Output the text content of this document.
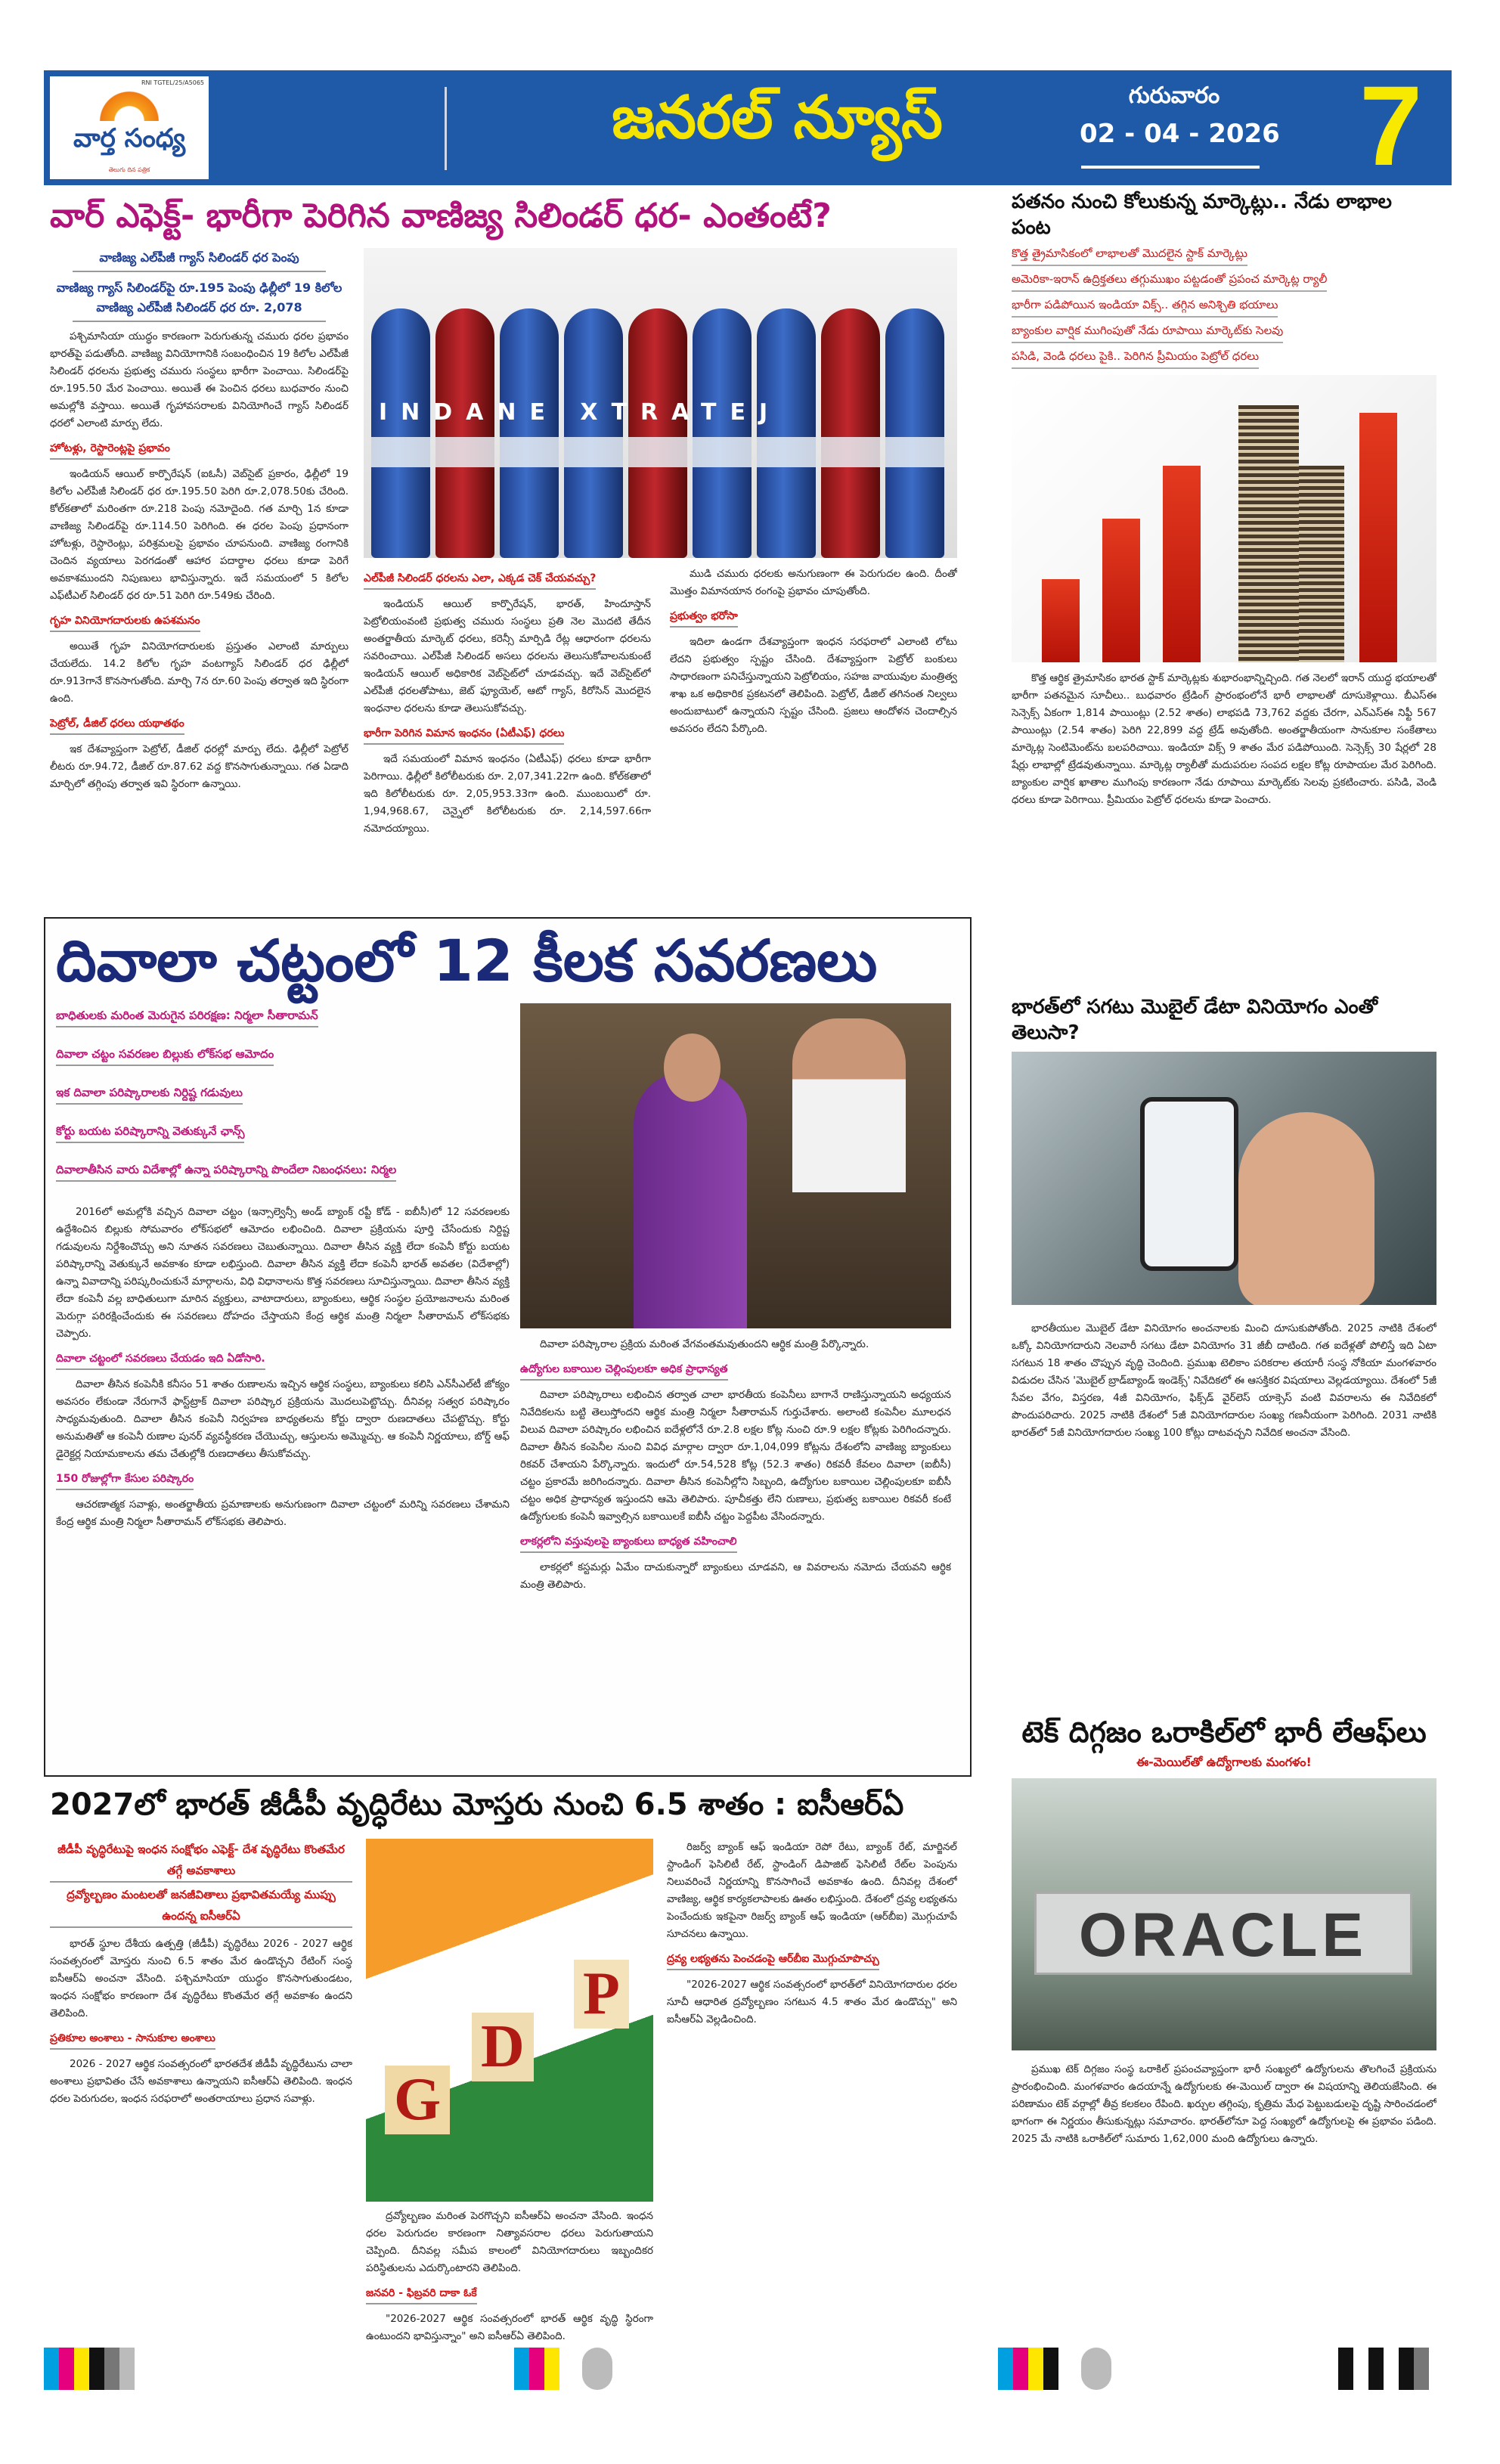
RNI TGTEL/25/A5065
వార్త సంధ్య
తెలుగు దిన పత్రిక
జనరల్ న్యూస్	గురువారం
02 - 04 - 2026 7
వార్ ఎఫెక్ట్- భారీగా పెరిగిన వాణిజ్య సిలిండర్ ధర- ఎంతంటే?
వాణిజ్య ఎల్‌పీజీ గ్యాస్ సిలిండర్ ధర పెంపు
వాణిజ్య గ్యాస్ సిలిండర్‌పై రూ.195 పెంపు ఢిల్లీలో 19 కిలోల వాణిజ్య ఎల్‌పీజీ సిలిండర్ ధర రూ. 2,078

పశ్చిమాసియా యుద్ధం కారణంగా పెరుగుతున్న చమురు ధరల ప్రభావం భారత్‌పై పడుతోంది. వాణిజ్య వినియోగానికి సంబంధించిన 19 కిలోల ఎల్‌పీజీ సిలిండర్ ధరలను ప్రభుత్వ చమురు సంస్థలు భారీగా పెంచాయి. సిలిండర్‌పై రూ.195.50 మేర పెంచాయి. అయితే ఈ పెంచిన ధరలు బుధవారం నుంచి అమల్లోకి వస్తాయి. అయితే గృహావసరాలకు వినియోగించే గ్యాస్ సిలిండర్ ధరలో ఎలాంటి మార్పు లేదు.

హోటళ్లు, రెస్టారెంట్లపై ప్రభావం

ఇండియన్ ఆయిల్ కార్పొరేషన్ (ఐఓసీ) వెబ్‌సైట్ ప్రకారం, ఢిల్లీలో 19 కిలోల ఎల్‌పీజీ సిలిండర్ ధర రూ.195.50 పెరిగి రూ.2,078.50కు చేరింది. కోల్‌కతాలో మరింతగా రూ.218 పెంపు నమోదైంది. గత మార్చి 1న కూడా వాణిజ్య సిలిండర్‌పై రూ.114.50 పెరిగింది. ఈ ధరల పెంపు ప్రధానంగా హోటళ్లు, రెస్టారెంట్లు, పరిశ్రమలపై ప్రభావం చూపనుంది. వాణిజ్య రంగానికి చెందిన వ్యయాలు పెరగడంతో ఆహార పదార్థాల ధరలు కూడా పెరిగే అవకాశముందని నిపుణులు భావిస్తున్నారు. ఇదే సమయంలో 5 కిలోల ఎఫ్‌టీఎల్ సిలిండర్ ధర రూ.51 పెరిగి రూ.549కు చేరింది.

గృహ వినియోగదారులకు ఉపశమనం

అయితే గృహ వినియోగదారులకు ప్రస్తుతం ఎలాంటి మార్పులు చేయలేదు. 14.2 కిలోల గృహ వంటగ్యాస్ సిలిండర్ ధర ఢిల్లీలో రూ.913గానే కొనసాగుతోంది. మార్చి 7న రూ.60 పెంపు తర్వాత ఇది స్థిరంగా ఉంది.

పెట్రోల్, డీజిల్ ధరలు యథాతథం

ఇక దేశవ్యాప్తంగా పెట్రోల్, డీజిల్ ధరల్లో మార్పు లేదు. ఢిల్లీలో పెట్రోల్ లీటరు రూ.94.72, డీజిల్ రూ.87.62 వద్ద కొనసాగుతున్నాయి. గత ఏడాది మార్చిలో తగ్గింపు తర్వాత ఇవి స్థిరంగా ఉన్నాయి.

INDANE XTRATEJ
ఎల్‌పీజీ సిలిండర్ ధరలను ఎలా, ఎక్కడ చెక్ చేయవచ్చు?

ఇండియన్ ఆయిల్ కార్పొరేషన్, భారత్, హిందూస్తాన్ పెట్రోలియంవంటి ప్రభుత్వ చమురు సంస్థలు ప్రతి నెల మొదటి తేదీన అంతర్జాతీయ మార్కెట్ ధరలు, కరెన్సీ మార్పిడి రేట్ల ఆధారంగా ధరలను సవరించాయి. ఎల్‌పీజీ సిలిండర్ అసలు ధరలను తెలుసుకోవాలనుకుంటే ఇండియన్ ఆయిల్ అధికారిక వెబ్‌సైట్‌లో చూడవచ్చు. ఇదే వెబ్‌సైట్‌లో ఎల్‌పీజీ ధరలతోపాటు, జెట్ ఫ్యూయెల్, ఆటో గ్యాస్, కిరోసిన్ మొదలైన ఇంధనాల ధరలను కూడా తెలుసుకోవచ్చు.

భారీగా పెరిగిన విమాన ఇంధనం (ఏటీఎఫ్) ధరలు

ఇదే సమయంలో విమాన ఇంధనం (ఏటీఎఫ్) ధరలు కూడా భారీగా పెరిగాయి. ఢిల్లీలో కిలోలీటరుకు రూ. 2,07,341.22గా ఉంది. కోల్‌కతాలో ఇది కిలోలీటరుకు రూ. 2,05,953.33గా ఉంది. ముంబయిలో రూ. 1,94,968.67, చెన్నైలో కిలోలీటరుకు రూ. 2,14,597.66గా నమోదయ్యాయి.

ముడి చమురు ధరలకు అనుగుణంగా ఈ పెరుగుదల ఉంది. దీంతో మొత్తం విమానయాన రంగంపై ప్రభావం చూపుతోంది.

ప్రభుత్వం భరోసా

ఇదిలా ఉండగా దేశవ్యాప్తంగా ఇంధన సరఫరాలో ఎలాంటి లోటు లేదని ప్రభుత్వం స్పష్టం చేసింది. దేశవ్యాప్తంగా పెట్రోల్ బంకులు సాధారణంగా పనిచేస్తున్నాయని పెట్రోలియం, సహజ వాయువుల మంత్రిత్వ శాఖ ఒక అధికారిక ప్రకటనలో తెలిపింది. పెట్రోల్, డీజిల్ తగినంత నిల్వలు అందుబాటులో ఉన్నాయని స్పష్టం చేసింది. ప్రజలు ఆందోళన చెందాల్సిన అవసరం లేదని పేర్కొంది.

పతనం నుంచి కోలుకున్న మార్కెట్లు.. నేడు లాభాల పంట
కొత్త త్రైమాసికంలో లాభాలతో మొదలైన స్టాక్ మార్కెట్లు
అమెరికా-ఇరాన్ ఉద్రిక్తతలు తగ్గుముఖం పట్టడంతో ప్రపంచ మార్కెట్ల ర్యాలీ
భారీగా పడిపోయిన ఇండియా విక్స్.. తగ్గిన అనిశ్చితి భయాలు
బ్యాంకుల వార్షిక ముగింపుతో నేడు రూపాయి మార్కెట్‌కు సెలవు
పసిడి, వెండి ధరలు పైకి.. పెరిగిన ప్రీమియం పెట్రోల్ ధరలు

కొత్త ఆర్థిక త్రైమాసికం భారత స్టాక్ మార్కెట్లకు శుభారంభాన్నిచ్చింది. గత నెలలో ఇరాన్ యుద్ధ భయాలతో భారీగా పతనమైన సూచీలు.. బుధవారం ట్రేడింగ్ ప్రారంభంలోనే భారీ లాభాలతో దూసుకెళ్లాయి. బీఎస్ఈ సెన్సెక్స్ ఏకంగా 1,814 పాయింట్లు (2.52 శాతం) లాభపడి 73,762 వద్దకు చేరగా, ఎన్ఎస్ఈ నిఫ్టీ 567 పాయింట్లు (2.54 శాతం) పెరిగి 22,899 వద్ద ట్రేడ్ అవుతోంది. అంతర్జాతీయంగా సానుకూల సంకేతాలు మార్కెట్ల సెంటిమెంట్‌ను బలపరిచాయి. ఇండియా విక్స్ 9 శాతం మేర పడిపోయింది. సెన్సెక్స్ 30 షేర్లలో 28 షేర్లు లాభాల్లో ట్రేడవుతున్నాయి. మార్కెట్ల ర్యాలీతో మదుపరుల సంపద లక్షల కోట్ల రూపాయల మేర పెరిగింది. బ్యాంకుల వార్షిక ఖాతాల ముగింపు కారణంగా నేడు రూపాయి మార్కెట్‌కు సెలవు ప్రకటించారు. పసిడి, వెండి ధరలు కూడా పెరిగాయి. ప్రీమియం పెట్రోల్ ధరలను కూడా పెంచారు.

భారత్‌లో సగటు మొబైల్ డేటా వినియోగం ఎంతో తెలుసా?

భారతీయుల మొబైల్ డేటా వినియోగం అంచనాలకు మించి దూసుకుపోతోంది. 2025 నాటికి దేశంలో ఒక్కో వినియోగదారుని నెలవారీ సగటు డేటా వినియోగం 31 జీబీ దాటింది. గత ఐదేళ్లతో పోలిస్తే ఇది ఏటా సగటున 18 శాతం చొప్పున వృద్ధి చెందింది. ప్రముఖ టెలికాం పరికరాల తయారీ సంస్థ నోకియా మంగళవారం విడుదల చేసిన 'మొబైల్ బ్రాడ్‌బ్యాండ్ ఇండెక్స్' నివేదికలో ఈ ఆసక్తికర విషయాలు వెల్లడయ్యాయి. దేశంలో 5జీ సేవల వేగం, విస్తరణ, 4జీ వినియోగం, ఫిక్స్‌డ్ వైర్‌లెస్ యాక్సెస్ వంటి వివరాలను ఈ నివేదికలో పొందుపరిచారు. 2025 నాటికి దేశంలో 5జీ వినియోగదారుల సంఖ్య గణనీయంగా పెరిగింది. 2031 నాటికి భారత్‌లో 5జీ వినియోగదారుల సంఖ్య 100 కోట్లు దాటవచ్చని నివేదిక అంచనా వేసింది.

టెక్ దిగ్గజం ఒరాకిల్‌లో భారీ లేఆఫ్‌లు
ఈ-మెయిల్‌తో ఉద్యోగాలకు మంగళం!
ORACLE

ప్రముఖ టెక్ దిగ్గజం సంస్థ ఒరాకిల్ ప్రపంచవ్యాప్తంగా భారీ సంఖ్యలో ఉద్యోగులను తొలగించే ప్రక్రియను ప్రారంభించింది. మంగళవారం ఉదయాన్నే ఉద్యోగులకు ఈ-మెయిల్ ద్వారా ఈ విషయాన్ని తెలియజేసింది. ఈ పరిణామం టెక్ వర్గాల్లో తీవ్ర కలకలం రేపింది. ఖర్చుల తగ్గింపు, కృత్రిమ మేధ పెట్టుబడులపై దృష్టి సారించడంలో భాగంగా ఈ నిర్ణయం తీసుకున్నట్లు సమాచారం. భారత్‌లోనూ పెద్ద సంఖ్యలో ఉద్యోగులపై ఈ ప్రభావం పడింది. 2025 మే నాటికి ఒరాకిల్‌లో సుమారు 1,62,000 మంది ఉద్యోగులు ఉన్నారు.

దివాలా చట్టంలో 12 కీలక సవరణలు
బాధితులకు మరింత మెరుగైన పరిరక్షణ: నిర్మలా సీతారామన్

దివాలా చట్టం సవరణల బిల్లుకు లోక్‌సభ ఆమోదం

ఇక దివాలా పరిష్కారాలకు నిర్దిష్ట గడువులు

కోర్టు బయట పరిష్కారాన్ని వెతుక్కునే ఛాన్స్

దివాలాతీసిన వారు విదేశాల్లో ఉన్నా పరిష్కారాన్ని పొందేలా నిబంధనలు: నిర్మల

2016లో అమల్లోకి వచ్చిన దివాలా చట్టం (ఇన్సాల్వెన్సీ అండ్ బ్యాంక్ రప్టీ కోడ్ - ఐబీసీ)లో 12 సవరణలకు ఉద్దేశించిన బిల్లుకు సోమవారం లోక్‌సభలో ఆమోదం లభించింది. దివాలా ప్రక్రియను పూర్తి చేసేందుకు నిర్దిష్ట గడువులను నిర్దేశించొచ్చు అని నూతన సవరణలు చెబుతున్నాయి. దివాలా తీసిన వ్యక్తి లేదా కంపెనీ కోర్టు బయట పరిష్కారాన్ని వెతుక్కునే అవకాశం కూడా లభిస్తుంది. దివాలా తీసిన వ్యక్తి లేదా కంపెనీ భారత్ అవతల (విదేశాల్లో) ఉన్నా వివాదాన్ని పరిష్కరించుకునే మార్గాలను, విధి విధానాలను కొత్త సవరణలు సూచిస్తున్నాయి. దివాలా తీసిన వ్యక్తి లేదా కంపెనీ వల్ల బాధితులుగా మారిన వ్యక్తులు, వాటాదారులు, బ్యాంకులు, ఆర్థిక సంస్థల ప్రయోజనాలను మరింత మెరుగ్గా పరిరక్షించేందుకు ఈ సవరణలు దోహదం చేస్తాయని కేంద్ర ఆర్థిక మంత్రి నిర్మలా సీతారామన్ లోక్‌సభకు చెప్పారు.

దివాలా చట్టంలో సవరణలు చేయడం ఇది ఏడోసారి.

దివాలా తీసిన కంపెనీకి కనీసం 51 శాతం రుణాలను ఇచ్చిన ఆర్థిక సంస్థలు, బ్యాంకులు కలిసి ఎన్‌సీఎల్‌టీ జోక్యం అవసరం లేకుండా నేరుగానే ఫాస్ట్‌ట్రాక్ దివాలా పరిష్కార ప్రక్రియను మొదలుపెట్టొచ్చు. దీనివల్ల సత్వర పరిష్కారం సాధ్యమవుతుంది. దివాలా తీసిన కంపెనీ నిర్వహణ బాధ్యతలను కోర్టు ద్వారా రుణదాతలు చేపట్టొచ్చు. కోర్టు అనుమతితో ఆ కంపెనీ రుణాల పునర్ వ్యవస్థీకరణ చేయొచ్చు, ఆస్తులను అమ్మొచ్చు. ఆ కంపెనీ నిర్ణయాలు, బోర్డ్ ఆఫ్ డైరెక్టర్ల నియామకాలను తమ చేతుల్లోకి రుణదాతలు తీసుకోవచ్చు.

150 రోజుల్లోగా కేసుల పరిష్కారం

ఆచరణాత్మక సవాళ్లు, అంతర్జాతీయ ప్రమాణాలకు అనుగుణంగా దివాలా చట్టంలో మరిన్ని సవరణలు చేశామని కేంద్ర ఆర్థిక మంత్రి నిర్మలా సీతారామన్ లోక్‌సభకు తెలిపారు.

దివాలా పరిష్కారాల ప్రక్రియ మరింత వేగవంతమవుతుందని ఆర్థిక మంత్రి పేర్కొన్నారు.

ఉద్యోగుల బకాయిల చెల్లింపులకూ అధిక ప్రాధాన్యత

దివాలా పరిష్కారాలు లభించిన తర్వాత చాలా భారతీయ కంపెనీలు బాగానే రాణిస్తున్నాయని అధ్యయన నివేదికలను బట్టి తెలుస్తోందని ఆర్థిక మంత్రి నిర్మలా సీతారామన్ గుర్తుచేశారు. అలాంటి కంపెనీల మూలధన విలువ దివాలా పరిష్కారం లభించిన ఐదేళ్లలోనే రూ.2.8 లక్షల కోట్ల నుంచి రూ.9 లక్షల కోట్లకు పెరిగిందన్నారు. దివాలా తీసిన కంపెనీల నుంచి వివిధ మార్గాల ద్వారా రూ.1,04,099 కోట్లను దేశంలోని వాణిజ్య బ్యాంకులు రికవర్ చేశాయని పేర్కొన్నారు. ఇందులో రూ.54,528 కోట్ల (52.3 శాతం) రికవరీ కేవలం దివాలా (ఐబీసీ) చట్టం ప్రకారమే జరిగిందన్నారు. దివాలా తీసిన కంపెనీల్లోని సిబ్బంది, ఉద్యోగుల బకాయిల చెల్లింపులకూ ఐబీసీ చట్టం అధిక ప్రాధాన్యత ఇస్తుందని ఆమె తెలిపారు. పూచీకత్తు లేని రుణాలు, ప్రభుత్వ బకాయిల రికవరీ కంటే ఉద్యోగులకు కంపెనీ ఇవ్వాల్సిన బకాయిలకే ఐబీసీ చట్టం పెద్దపీట వేసిందన్నారు.

లాకర్లలోని వస్తువులపై బ్యాంకులు బాధ్యత వహించాలి

లాకర్లలో కస్టమర్లు ఏమేం దాచుకున్నారో బ్యాంకులు చూడవని, ఆ వివరాలను నమోదు చేయవని ఆర్థిక మంత్రి తెలిపారు.

2027లో భారత్ జీడీపీ వృద్ధిరేటు మోస్తరు నుంచి 6.5 శాతం : ఐసీఆర్ఏ
జీడీపీ వృద్ధిరేటుపై ఇంధన సంక్షోభం ఎఫెక్ట్- దేశ వృద్ధిరేటు కొంతమేర తగ్గే అవకాశాలు
ద్రవ్యోల్బణం మంటలతో జనజీవితాలు ప్రభావితమయ్యే ముప్పు ఉందన్న ఐసీఆర్ఏ

భారత్ స్థూల దేశీయ ఉత్పత్తి (జీడీపీ) వృద్ధిరేటు 2026 - 2027 ఆర్థిక సంవత్సరంలో మోస్తరు నుంచి 6.5 శాతం మేర ఉండొచ్చని రేటింగ్ సంస్థ ఐసీఆర్ఏ అంచనా వేసింది. పశ్చిమాసియా యుద్ధం కొనసాగుతుండటం, ఇంధన సంక్షోభం కారణంగా దేశ వృద్ధిరేటు కొంతమేర తగ్గే అవకాశం ఉందని తెలిపింది.

ప్రతికూల అంశాలు - సానుకూల అంశాలు

2026 - 2027 ఆర్థిక సంవత్సరంలో భారతదేశ జీడీపీ వృద్ధిరేటును చాలా అంశాలు ప్రభావితం చేసే అవకాశాలు ఉన్నాయని ఐసీఆర్ఏ తెలిపింది. ఇంధన ధరల పెరుగుదల, ఇంధన సరఫరాలో అంతరాయాలు ప్రధాన సవాళ్లు.	G
D
P

ద్రవ్యోల్బణం మరింత పెరగొచ్చని ఐసీఆర్ఏ అంచనా వేసింది. ఇంధన ధరల పెరుగుదల కారణంగా నిత్యావసరాల ధరలు పెరుగుతాయని చెప్పింది. దీనివల్ల సమీప కాలంలో వినియోగదారులు ఇబ్బందికర పరిస్థితులను ఎదుర్కొంటారని తెలిపింది.

జనవరి - ఫిబ్రవరి దాకా ఓకే

"2026-2027 ఆర్థిక సంవత్సరంలో భారత్ ఆర్థిక వృద్ధి స్థిరంగా ఉంటుందని భావిస్తున్నాం" అని ఐసీఆర్ఏ తెలిపింది.

రిజర్వ్ బ్యాంక్ ఆఫ్ ఇండియా రెపో రేటు, బ్యాంక్ రేట్, మార్జినల్ స్టాండింగ్ ఫెసిలిటీ రేట్, స్టాండింగ్ డిపాజిట్ ఫెసిలిటీ రేట్‌ల పెంపును నిలువరించే నిర్ణయాన్ని కొనసాగించే అవకాశం ఉంది. దీనివల్ల దేశంలో వాణిజ్య, ఆర్థిక కార్యకలాపాలకు ఊతం లభిస్తుంది. దేశంలో ద్రవ్య లభ్యతను పెంచేందుకు ఇకపైనా రిజర్వ్ బ్యాంక్ ఆఫ్ ఇండియా (ఆర్‌బీఐ) మొగ్గుచూపే సూచనలు ఉన్నాయి.

ద్రవ్య లభ్యతను పెంచడంపై ఆర్‌బీఐ మొగ్గుచూపొచ్చు

"2026-2027 ఆర్థిక సంవత్సరంలో భారత్‌లో వినియోగదారుల ధరల సూచీ ఆధారిత ద్రవ్యోల్బణం సగటున 4.5 శాతం మేర ఉండొచ్చు" అని ఐసీఆర్ఏ వెల్లడించింది.
